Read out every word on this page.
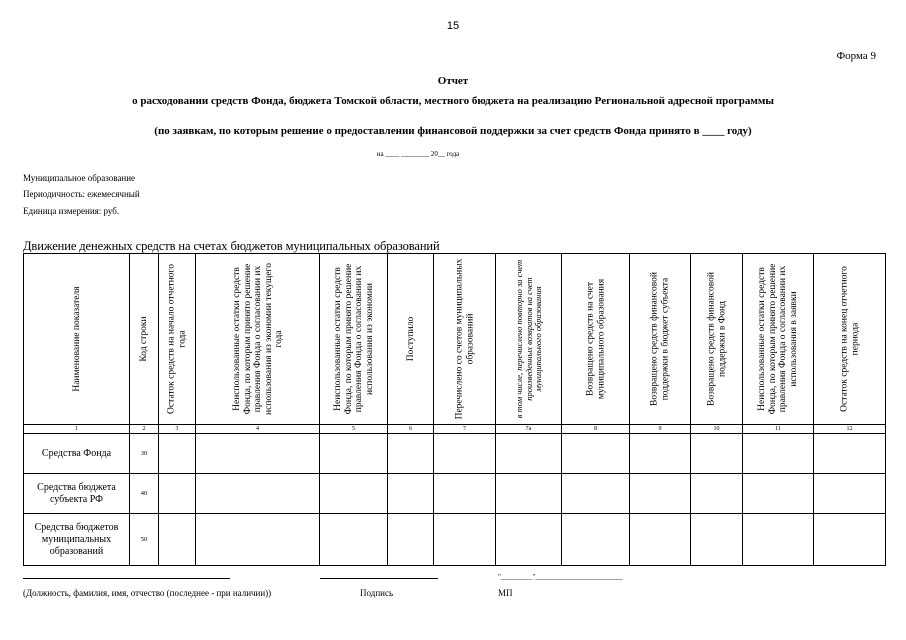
15
Форма 9
Отчет
о расходовании средств Фонда, бюджета Томской области, местного бюджета на реализацию Региональной адресной программы
(по заявкам, по которым решение о предоставлении финансовой поддержки за счет средств Фонда принято в ____ году)
на ____ ________ 20__ года
Муниципальное образование
Периодичность: ежемесячный
Единица измерения: руб.
Движение денежных средств на счетах бюджетов муниципальных образований
Наименование показателя	Код строки	Остаток средств на начало отчетного года	Неиспользованные остатки средств Фонда, по которым принято решение правления Фонда о согласовании их использования из экономии текущего года	Неиспользованные остатки средств Фонда, по которым принято решение правления Фонда о согласовании их использования из экономии	Поступило	Перечислено со счетов муниципальных образований	в том числе, перечислено повторно за счет произведенных возвратов на счет муниципального образования	Возвращено средств на счет муниципального образования	Возвращено средств финансовой поддержки в бюджет субъекта	Возвращено средств финансовой поддержки в Фонд	Неиспользованные остатки средств Фонда, по которым принято решение правления Фонда о согласовании их использования в заявки	Остаток средств на конец отчетного периода

1	2	3	4	5	6	7	7а	8	9	10	11	12
Средства Фонда	30											
Средства бюджета субъекта РФ	40											
Средства бюджетов муниципальных образований	50											
"_________"_________________________
(Должность, фамилия, имя, отчество (последнее - при наличии))	Подпись	МП
